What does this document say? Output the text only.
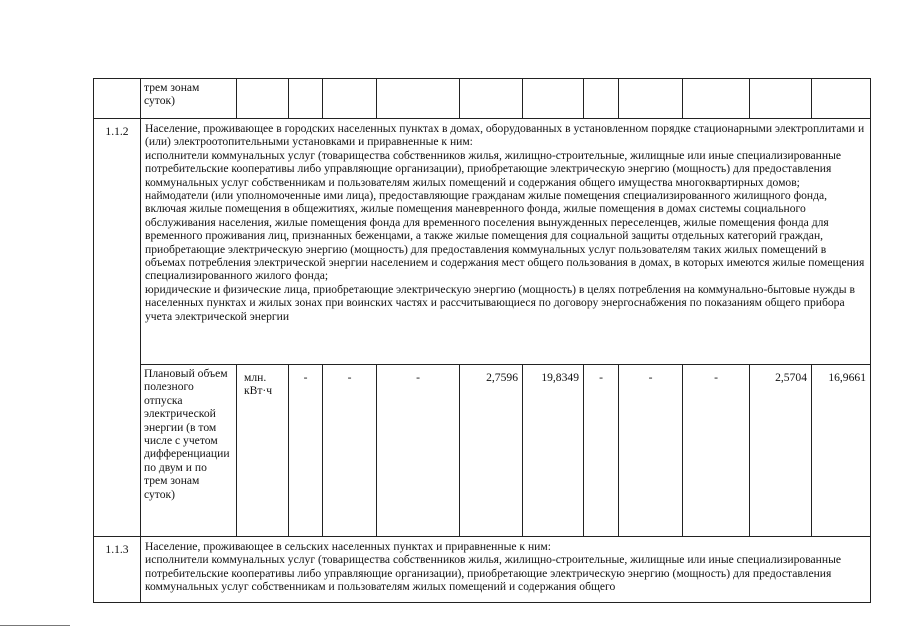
	трем зонам суток)											
1.1.2	Население, проживающее в городских населенных пунктах в домах, оборудованных в установленном порядке стационарными электроплитами и (или) электроотопительными установками и приравненные к ним:

исполнители коммунальных услуг (товарищества собственников жилья, жилищно-строительные, жилищные или иные специализированные потребительские кооперативы либо управляющие организации), приобретающие электрическую энергию (мощность) для предоставления коммунальных услуг собственникам и пользователям жилых помещений и содержания общего имущества многоквартирных домов; наймодатели (или уполномоченные ими лица), предоставляющие гражданам жилые помещения специализированного жилищного фонда, включая жилые помещения в общежитиях, жилые помещения маневренного фонда, жилые помещения в домах системы социального обслуживания населения, жилые помещения фонда для временного поселения вынужденных переселенцев, жилые помещения фонда для временного проживания лиц, признанных беженцами, а также жилые помещения для социальной защиты отдельных категорий граждан, приобретающие электрическую энергию (мощность) для предоставления коммунальных услуг пользователям таких жилых помещений в объемах потребления электрической энергии населением и содержания мест общего пользования в домах, в которых имеются жилые помещения специализированного жилого фонда;

юридические и физические лица, приобретающие электрическую энергию (мощность) в целях потребления на коммунально-бытовые нужды в населенных пунктах и жилых зонах при воинских частях и рассчитывающиеся по договору энергоснабжения по показаниям общего прибора учета электрической энергии											

	Плановый объем полезного отпуска электрической энергии (в том числе с учетом дифференциации по двум и по трем зонам суток)	млн. кВт·ч	-	-	-	2,7596	19,8349	-	-	-	2,5704	16,9661
1.1.3	Население, проживающее в сельских населенных пунктах и приравненные к ним:

исполнители коммунальных услуг (товарищества собственников жилья, жилищно-строительные, жилищные или иные специализированные потребительские кооперативы либо управляющие организации), приобретающие электрическую энергию (мощность) для предоставления коммунальных услуг собственникам и пользователям жилых помещений и содержания общего											
